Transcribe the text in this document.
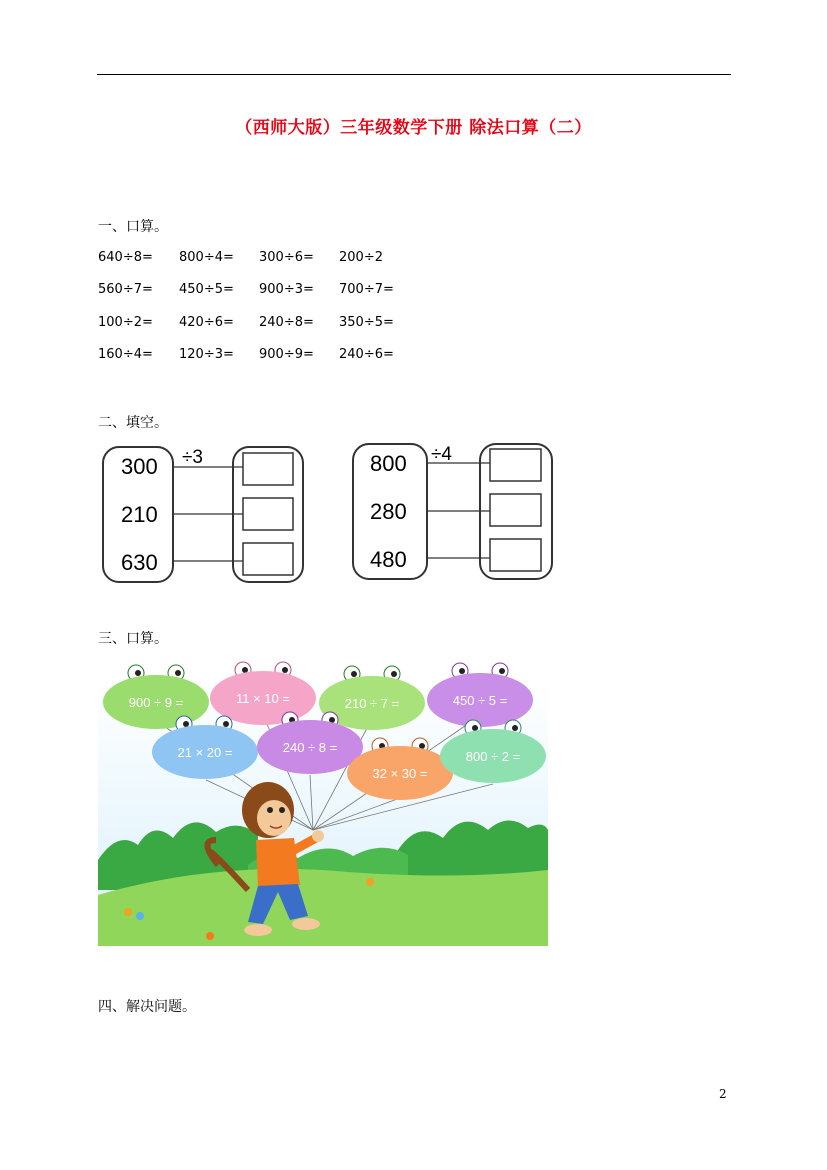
（西师大版）三年级数学下册 除法口算（二）
一、口算。
640÷8= 800÷4= 300÷6= 200÷2
560÷7= 450÷5= 900÷3= 700÷7=
100÷2= 420÷6= 240÷8= 350÷5=
160÷4= 120÷3= 900÷9= 240÷6=
二、填空。
÷3
300
210
630
÷4
800
280
480
三、口算。
900 ÷ 9 =	11 × 10 =	210 ÷ 7 =	450 ÷ 5 =
21 × 20 =	240 ÷ 8 =
32 × 30 =
800 ÷ 2 =
四、解决问题。
2
